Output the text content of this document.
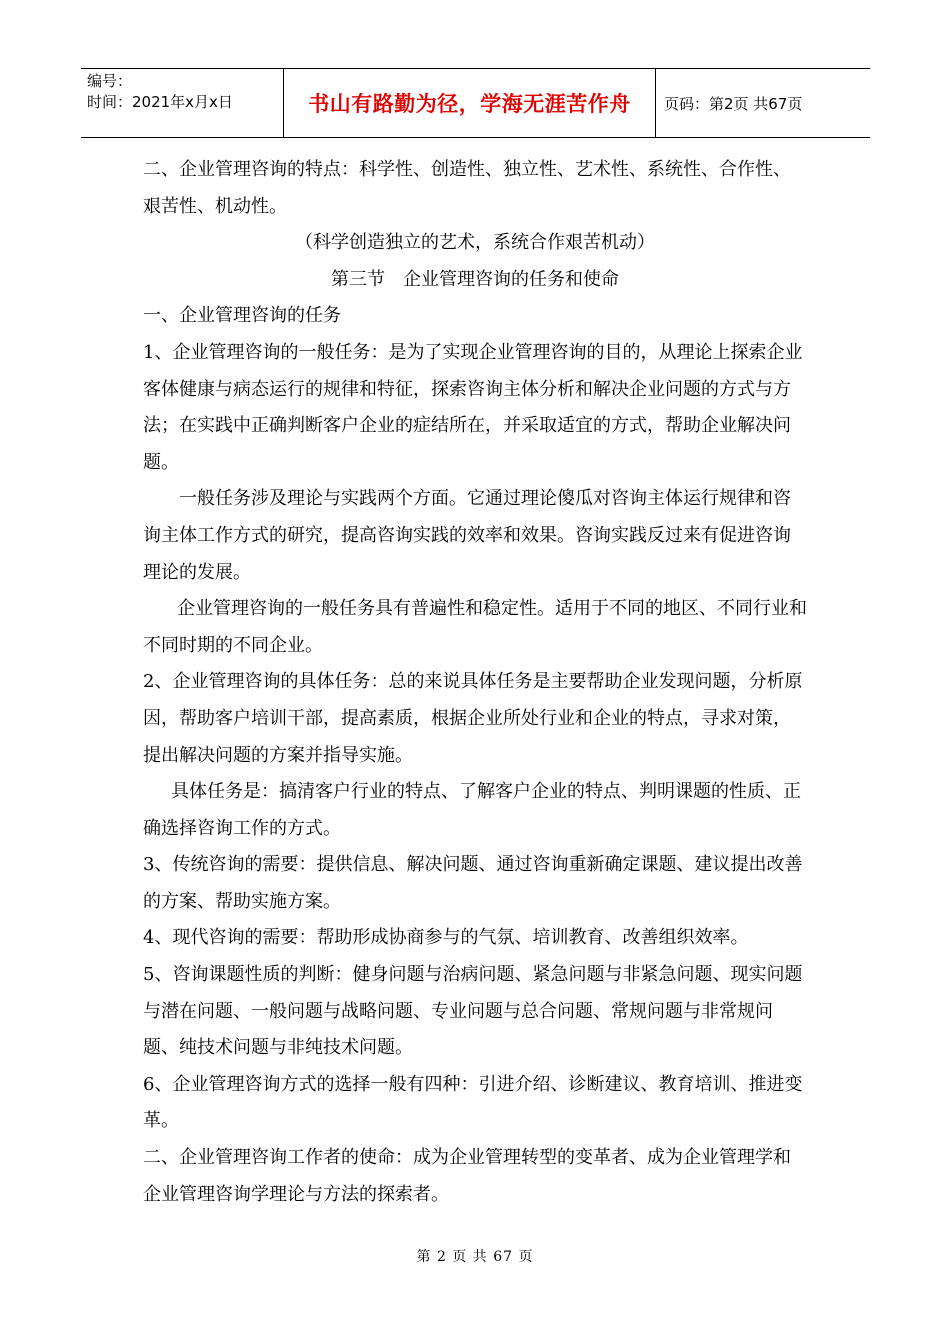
编号：
时间：2021年x月x日	书山有路勤为径，学海无涯苦作舟	页码：第2页 共67页

二、企业管理咨询的特点：科学性、创造性、独立性、艺术性、系统性、合作性、艰苦性、机动性。

（科学创造独立的艺术，系统合作艰苦机动）

第三节　企业管理咨询的任务和使命

一、企业管理咨询的任务

1、企业管理咨询的一般任务：是为了实现企业管理咨询的目的，从理论上探索企业客体健康与病态运行的规律和特征，探索咨询主体分析和解决企业问题的方式与方法；在实践中正确判断客户企业的症结所在，并采取适宜的方式，帮助企业解决问题。

一般任务涉及理论与实践两个方面。它通过理论傻瓜对咨询主体运行规律和咨询主体工作方式的研究，提高咨询实践的效率和效果。咨询实践反过来有促进咨询理论的发展。

企业管理咨询的一般任务具有普遍性和稳定性。适用于不同的地区、不同行业和不同时期的不同企业。

2、企业管理咨询的具体任务：总的来说具体任务是主要帮助企业发现问题，分析原因，帮助客户培训干部，提高素质，根据企业所处行业和企业的特点，寻求对策，提出解决问题的方案并指导实施。

具体任务是：搞清客户行业的特点、了解客户企业的特点、判明课题的性质、正确选择咨询工作的方式。

3、传统咨询的需要：提供信息、解决问题、通过咨询重新确定课题、建议提出改善的方案、帮助实施方案。

4、现代咨询的需要：帮助形成协商参与的气氛、培训教育、改善组织效率。

5、咨询课题性质的判断：健身问题与治病问题、紧急问题与非紧急问题、现实问题与潜在问题、一般问题与战略问题、专业问题与总合问题、常规问题与非常规问题、纯技术问题与非纯技术问题。

6、企业管理咨询方式的选择一般有四种：引进介绍、诊断建议、教育培训、推进变革。

二、企业管理咨询工作者的使命：成为企业管理转型的变革者、成为企业管理学和企业管理咨询学理论与方法的探索者。

第 2 页 共 67 页
